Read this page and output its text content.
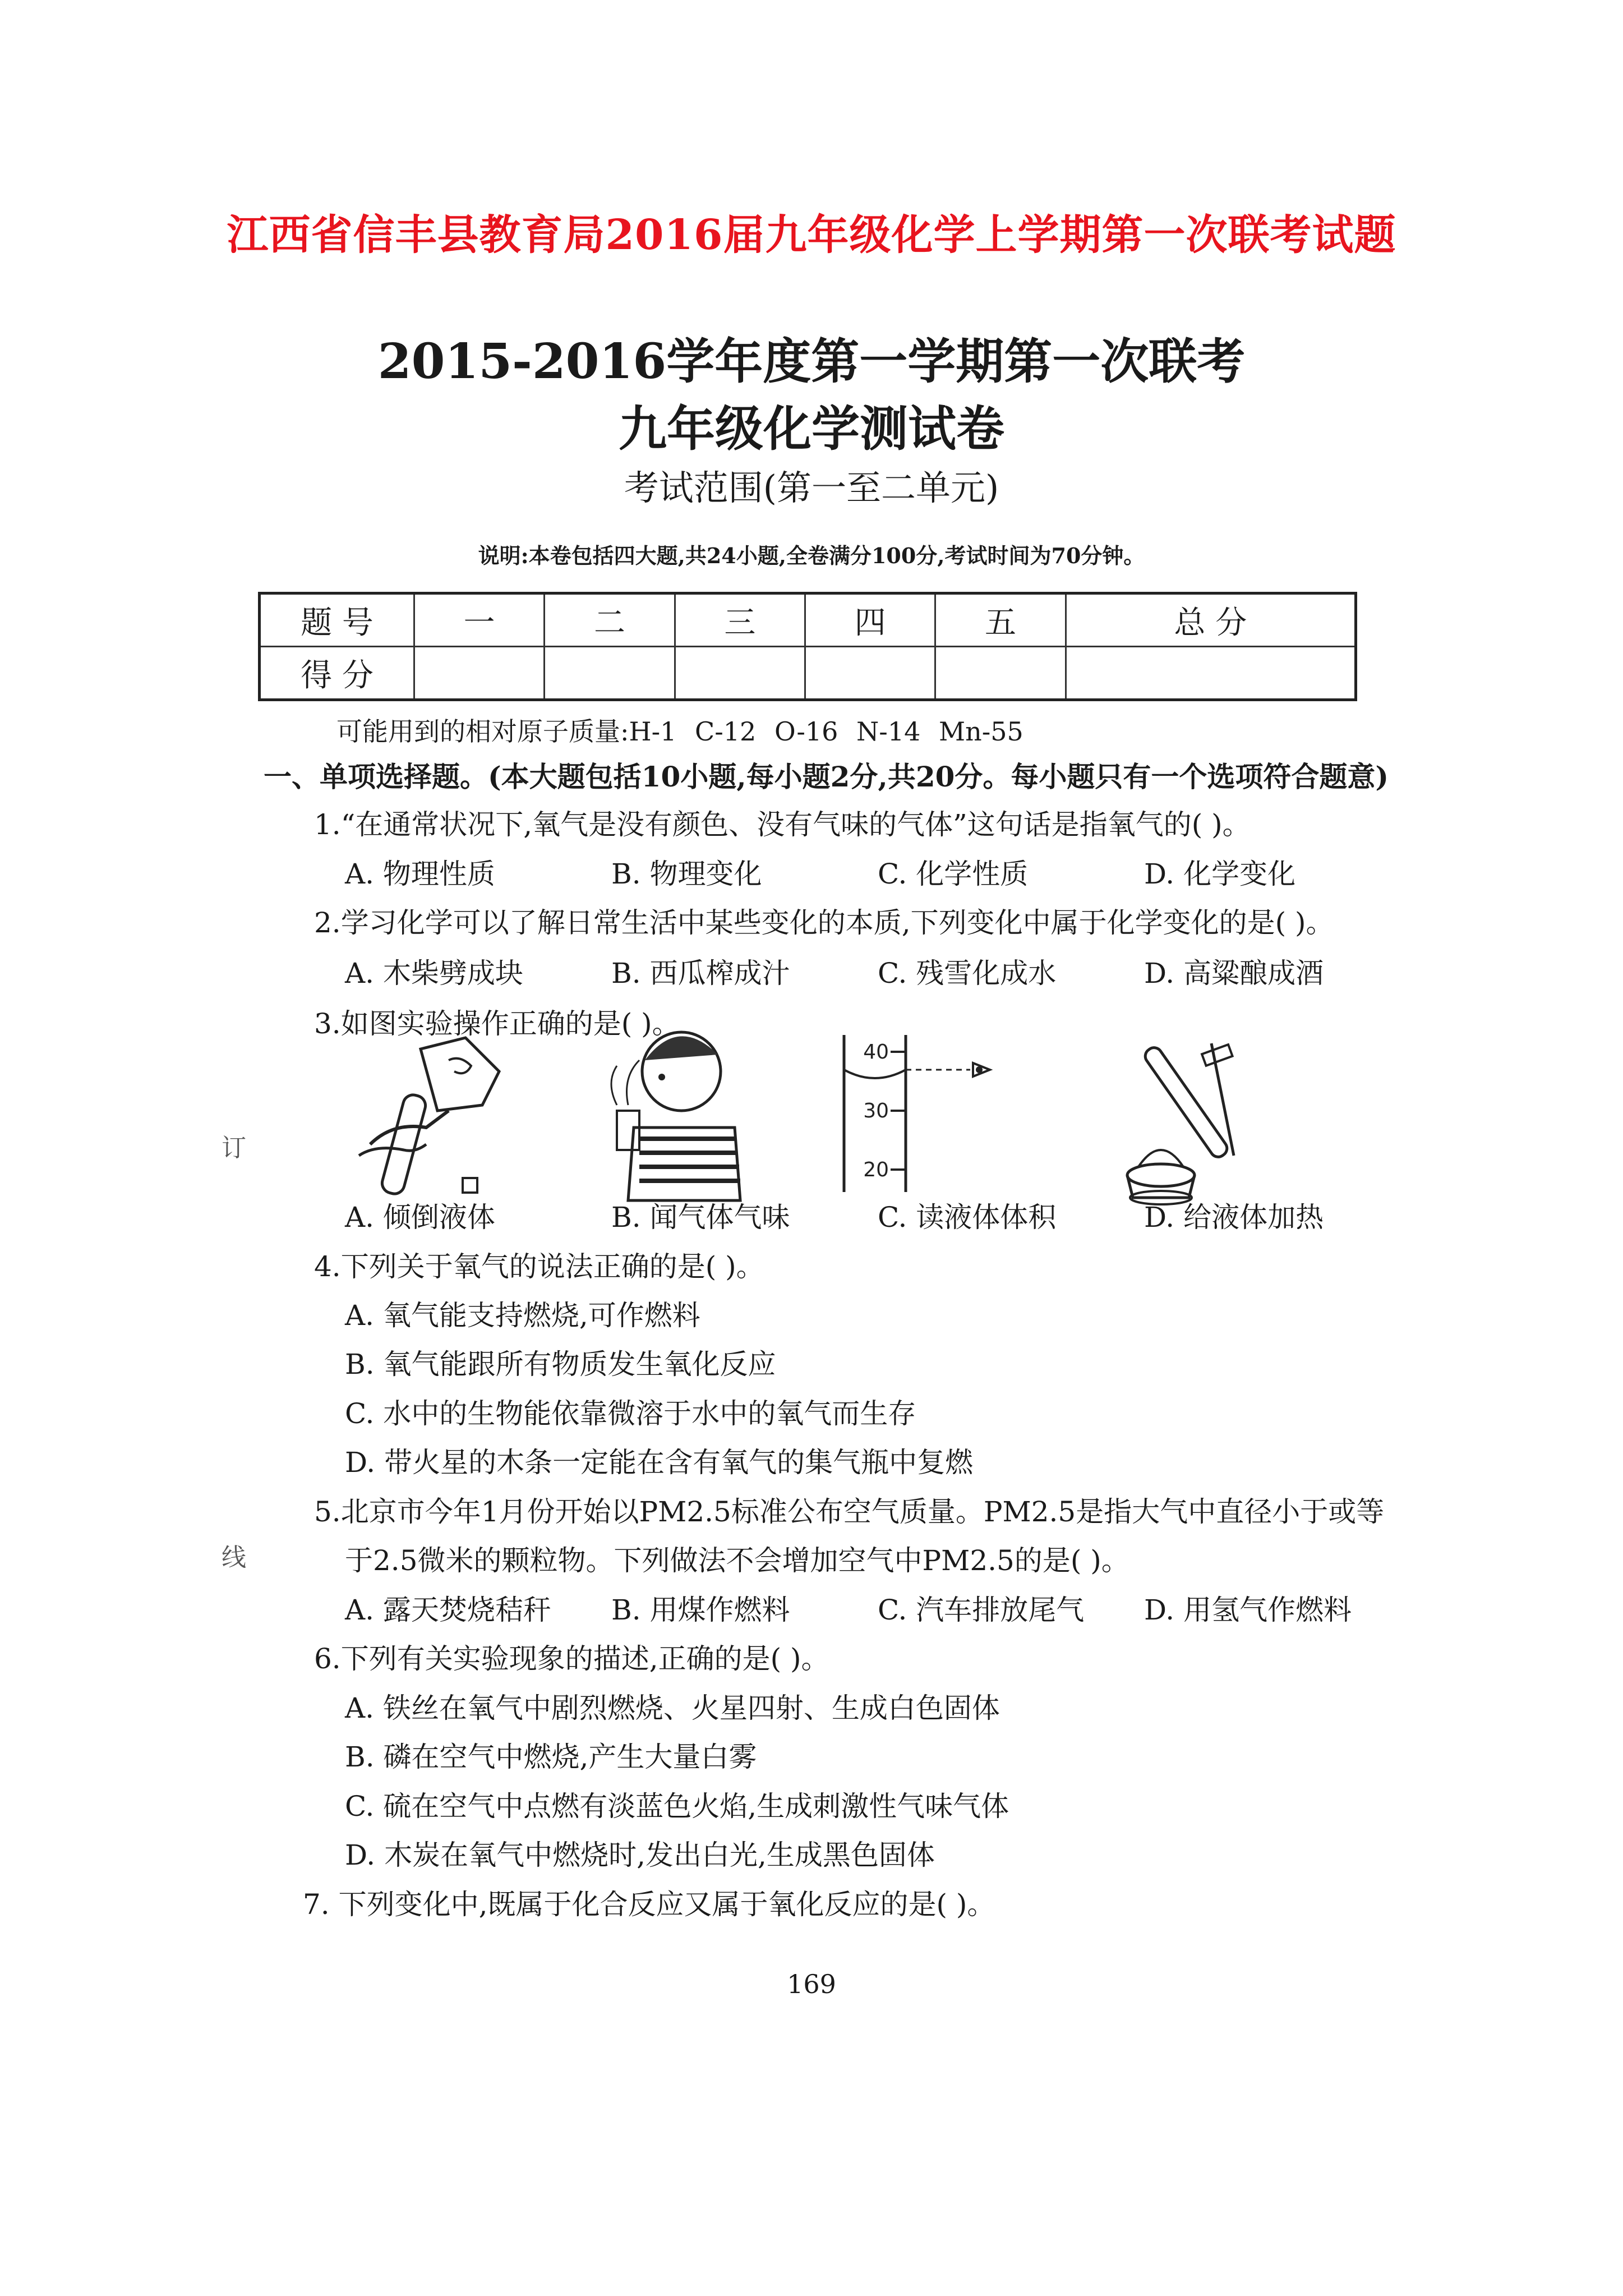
江西省信丰县教育局2016届九年级化学上学期第一次联考试题
2015-2016学年度第一学期第一次联考
九年级化学测试卷
考试范围(第一至二单元)
说明:本卷包括四大题,共24小题,全卷满分100分,考试时间为70分钟。
题 号	一	二	三	四	五	总 分
得 分						
可能用到的相对原子质量:H-1 C-12 O-16 N-14 Mn-55
一、单项选择题。(本大题包括10小题,每小题2分,共20分。每小题只有一个选项符合题意)
1.“在通常状况下,氧气是没有颜色、没有气味的气体”这句话是指氧气的( )。
A. 物理性质	B. 物理变化	C. 化学性质	D. 化学变化
2.学习化学可以了解日常生活中某些变化的本质,下列变化中属于化学变化的是( )。
A. 木柴劈成块	B. 西瓜榨成汁	C. 残雪化成水	D. 高粱酿成酒
3.如图实验操作正确的是( )。
40
30
20
A. 倾倒液体	B. 闻气体气味	C. 读液体体积	D. 给液体加热
4.下列关于氧气的说法正确的是( )。
A. 氧气能支持燃烧,可作燃料
B. 氧气能跟所有物质发生氧化反应
C. 水中的生物能依靠微溶于水中的氧气而生存
D. 带火星的木条一定能在含有氧气的集气瓶中复燃
5.北京市今年1月份开始以PM2.5标准公布空气质量。PM2.5是指大气中直径小于或等
于2.5微米的颗粒物。下列做法不会增加空气中PM2.5的是( )。
A. 露天焚烧秸秆	B. 用煤作燃料	C. 汽车排放尾气	D. 用氢气作燃料
6.下列有关实验现象的描述,正确的是( )。
A. 铁丝在氧气中剧烈燃烧、火星四射、生成白色固体
B. 磷在空气中燃烧,产生大量白雾
C. 硫在空气中点燃有淡蓝色火焰,生成刺激性气味气体
D. 木炭在氧气中燃烧时,发出白光,生成黑色固体
7. 下列变化中,既属于化合反应又属于氧化反应的是( )。
订
线
169
